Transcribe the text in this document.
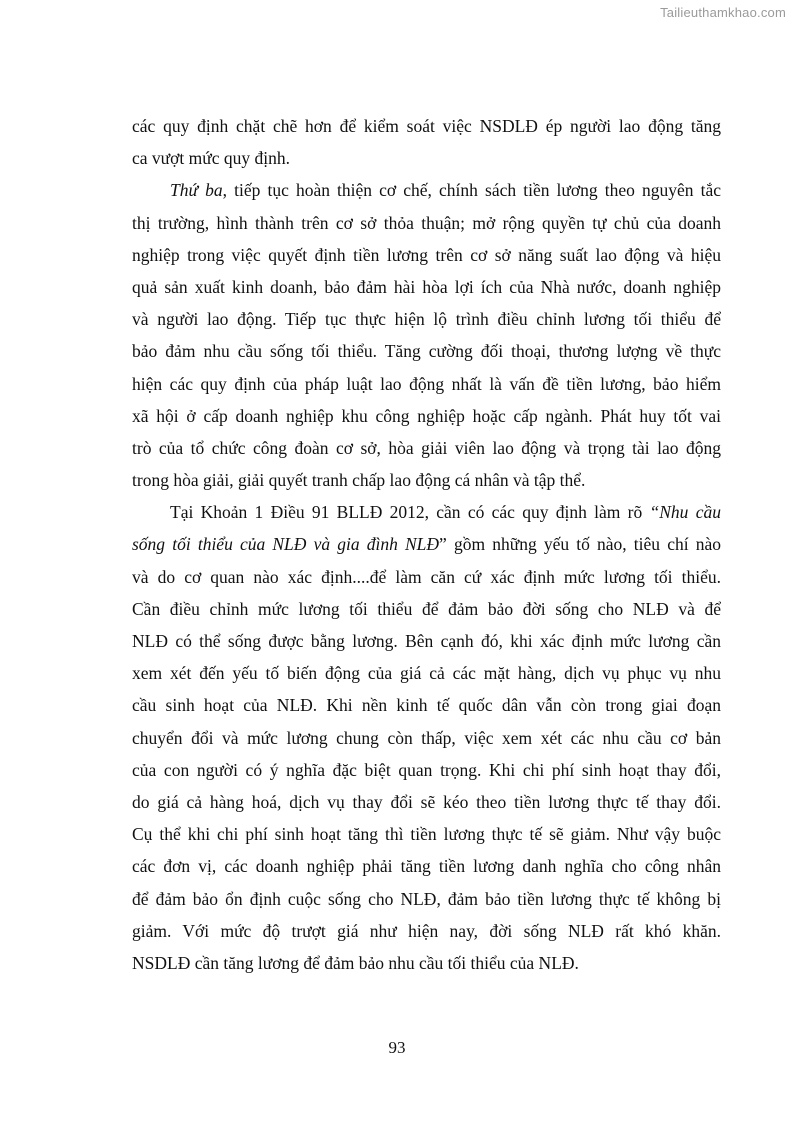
Tailieuthamkhao.com
các quy định chặt chẽ hơn để kiểm soát việc NSDLĐ ép người lao động tăng
ca vượt mức quy định.
Thứ ba, tiếp tục hoàn thiện cơ chế, chính sách tiền lương theo nguyên tắc
thị trường, hình thành trên cơ sở thỏa thuận; mở rộng quyền tự chủ của doanh
nghiệp trong việc quyết định tiền lương trên cơ sở năng suất lao động và hiệu
quả sản xuất kinh doanh, bảo đảm hài hòa lợi ích của Nhà nước, doanh nghiệp
và người lao động. Tiếp tục thực hiện lộ trình điều chỉnh lương tối thiểu để
bảo đảm nhu cầu sống tối thiểu. Tăng cường đối thoại, thương lượng về thực
hiện các quy định của pháp luật lao động nhất là vấn đề tiền lương, bảo hiểm
xã hội ở cấp doanh nghiệp khu công nghiệp hoặc cấp ngành. Phát huy tốt vai
trò của tổ chức công đoàn cơ sở, hòa giải viên lao động và trọng tài lao động
trong hòa giải, giải quyết tranh chấp lao động cá nhân và tập thể.
Tại Khoản 1 Điều 91 BLLĐ 2012, cần có các quy định làm rõ “Nhu cầu
sống tối thiểu của NLĐ và gia đình NLĐ” gồm những yếu tố nào, tiêu chí nào
và do cơ quan nào xác định....để làm căn cứ xác định mức lương tối thiểu.
Cần điều chỉnh mức lương tối thiểu để đảm bảo đời sống cho NLĐ và để
NLĐ có thể sống được bằng lương. Bên cạnh đó, khi xác định mức lương cần
xem xét đến yếu tố biến động của giá cả các mặt hàng, dịch vụ phục vụ nhu
cầu sinh hoạt của NLĐ. Khi nền kinh tế quốc dân vẫn còn trong giai đoạn
chuyển đổi và mức lương chung còn thấp, việc xem xét các nhu cầu cơ bản
của con người có ý nghĩa đặc biệt quan trọng. Khi chi phí sinh hoạt thay đổi,
do giá cả hàng hoá, dịch vụ thay đổi sẽ kéo theo tiền lương thực tế thay đổi.
Cụ thể khi chi phí sinh hoạt tăng thì tiền lương thực tế sẽ giảm. Như vậy buộc
các đơn vị, các doanh nghiệp phải tăng tiền lương danh nghĩa cho công nhân
để đảm bảo ổn định cuộc sống cho NLĐ, đảm bảo tiền lương thực tế không bị
giảm. Với mức độ trượt giá như hiện nay, đời sống NLĐ rất khó khăn.
NSDLĐ cần tăng lương để đảm bảo nhu cầu tối thiểu của NLĐ.
93
